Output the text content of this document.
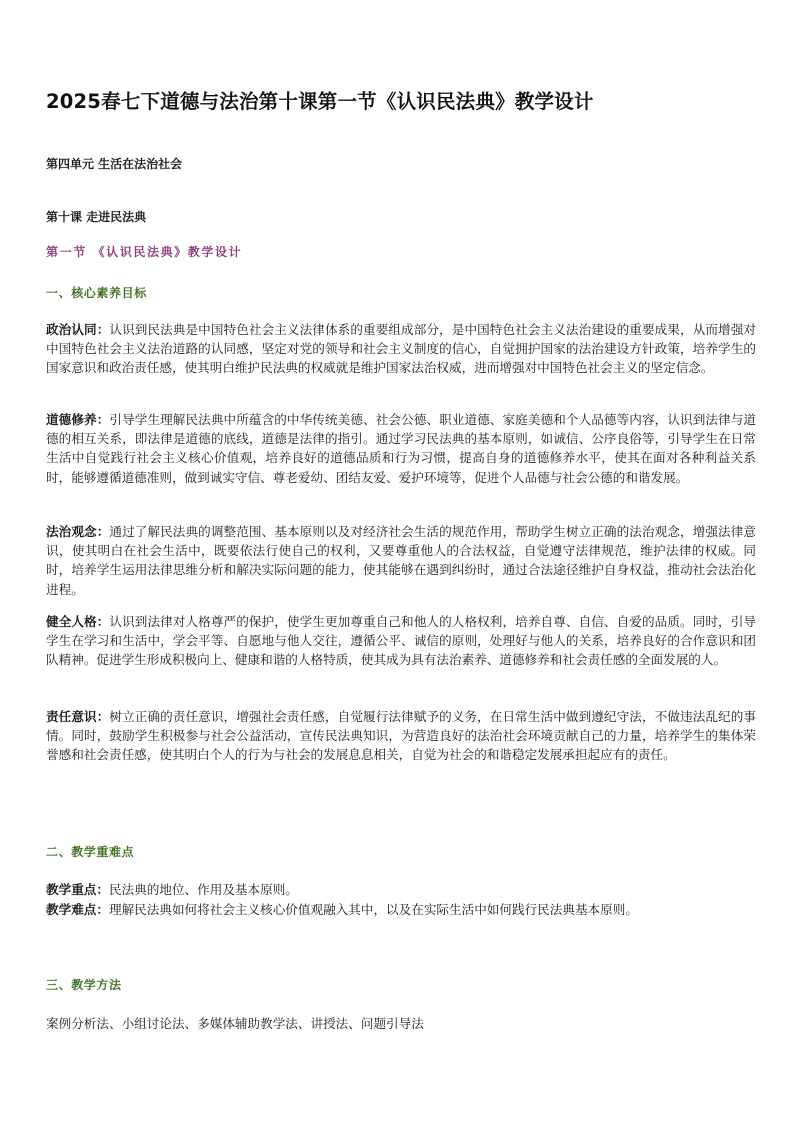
2025春七下道德与法治第十课第一节《认识民法典》教学设计
第四单元 生活在法治社会
第十课 走进民法典
第一节 《认识民法典》教学设计
一、核心素养目标
政治认同：认识到民法典是中国特色社会主义法律体系的重要组成部分，是中国特色社会主义法治建设的重要成果，从而增强对中国特色社会主义法治道路的认同感，坚定对党的领导和社会主义制度的信心，自觉拥护国家的法治建设方针政策，培养学生的国家意识和政治责任感，使其明白维护民法典的权威就是维护国家法治权威，进而增强对中国特色社会主义的坚定信念。
道德修养：引导学生理解民法典中所蕴含的中华传统美德、社会公德、职业道德、家庭美德和个人品德等内容，认识到法律与道德的相互关系，即法律是道德的底线，道德是法律的指引。通过学习民法典的基本原则，如诚信、公序良俗等，引导学生在日常生活中自觉践行社会主义核心价值观，培养良好的道德品质和行为习惯，提高自身的道德修养水平，使其在面对各种利益关系时，能够遵循道德准则，做到诚实守信、尊老爱幼、团结友爱、爱护环境等，促进个人品德与社会公德的和谐发展。
法治观念：通过了解民法典的调整范围、基本原则以及对经济社会生活的规范作用，帮助学生树立正确的法治观念，增强法律意识，使其明白在社会生活中，既要依法行使自己的权利，又要尊重他人的合法权益，自觉遵守法律规范，维护法律的权威。同时，培养学生运用法律思维分析和解决实际问题的能力，使其能够在遇到纠纷时，通过合法途径维护自身权益，推动社会法治化进程。
健全人格：认识到法律对人格尊严的保护，使学生更加尊重自己和他人的人格权利，培养自尊、自信、自爱的品质。同时，引导学生在学习和生活中，学会平等、自愿地与他人交往，遵循公平、诚信的原则，处理好与他人的关系，培养良好的合作意识和团队精神。促进学生形成积极向上、健康和谐的人格特质，使其成为具有法治素养、道德修养和社会责任感的全面发展的人。
责任意识：树立正确的责任意识，增强社会责任感，自觉履行法律赋予的义务，在日常生活中做到遵纪守法，不做违法乱纪的事情。同时，鼓励学生积极参与社会公益活动，宣传民法典知识，为营造良好的法治社会环境贡献自己的力量，培养学生的集体荣誉感和社会责任感，使其明白个人的行为与社会的发展息息相关，自觉为社会的和谐稳定发展承担起应有的责任。
二、教学重难点
教学重点：民法典的地位、作用及基本原则。
教学难点：理解民法典如何将社会主义核心价值观融入其中，以及在实际生活中如何践行民法典基本原则。
三、教学方法
案例分析法、小组讨论法、多媒体辅助教学法、讲授法、问题引导法
